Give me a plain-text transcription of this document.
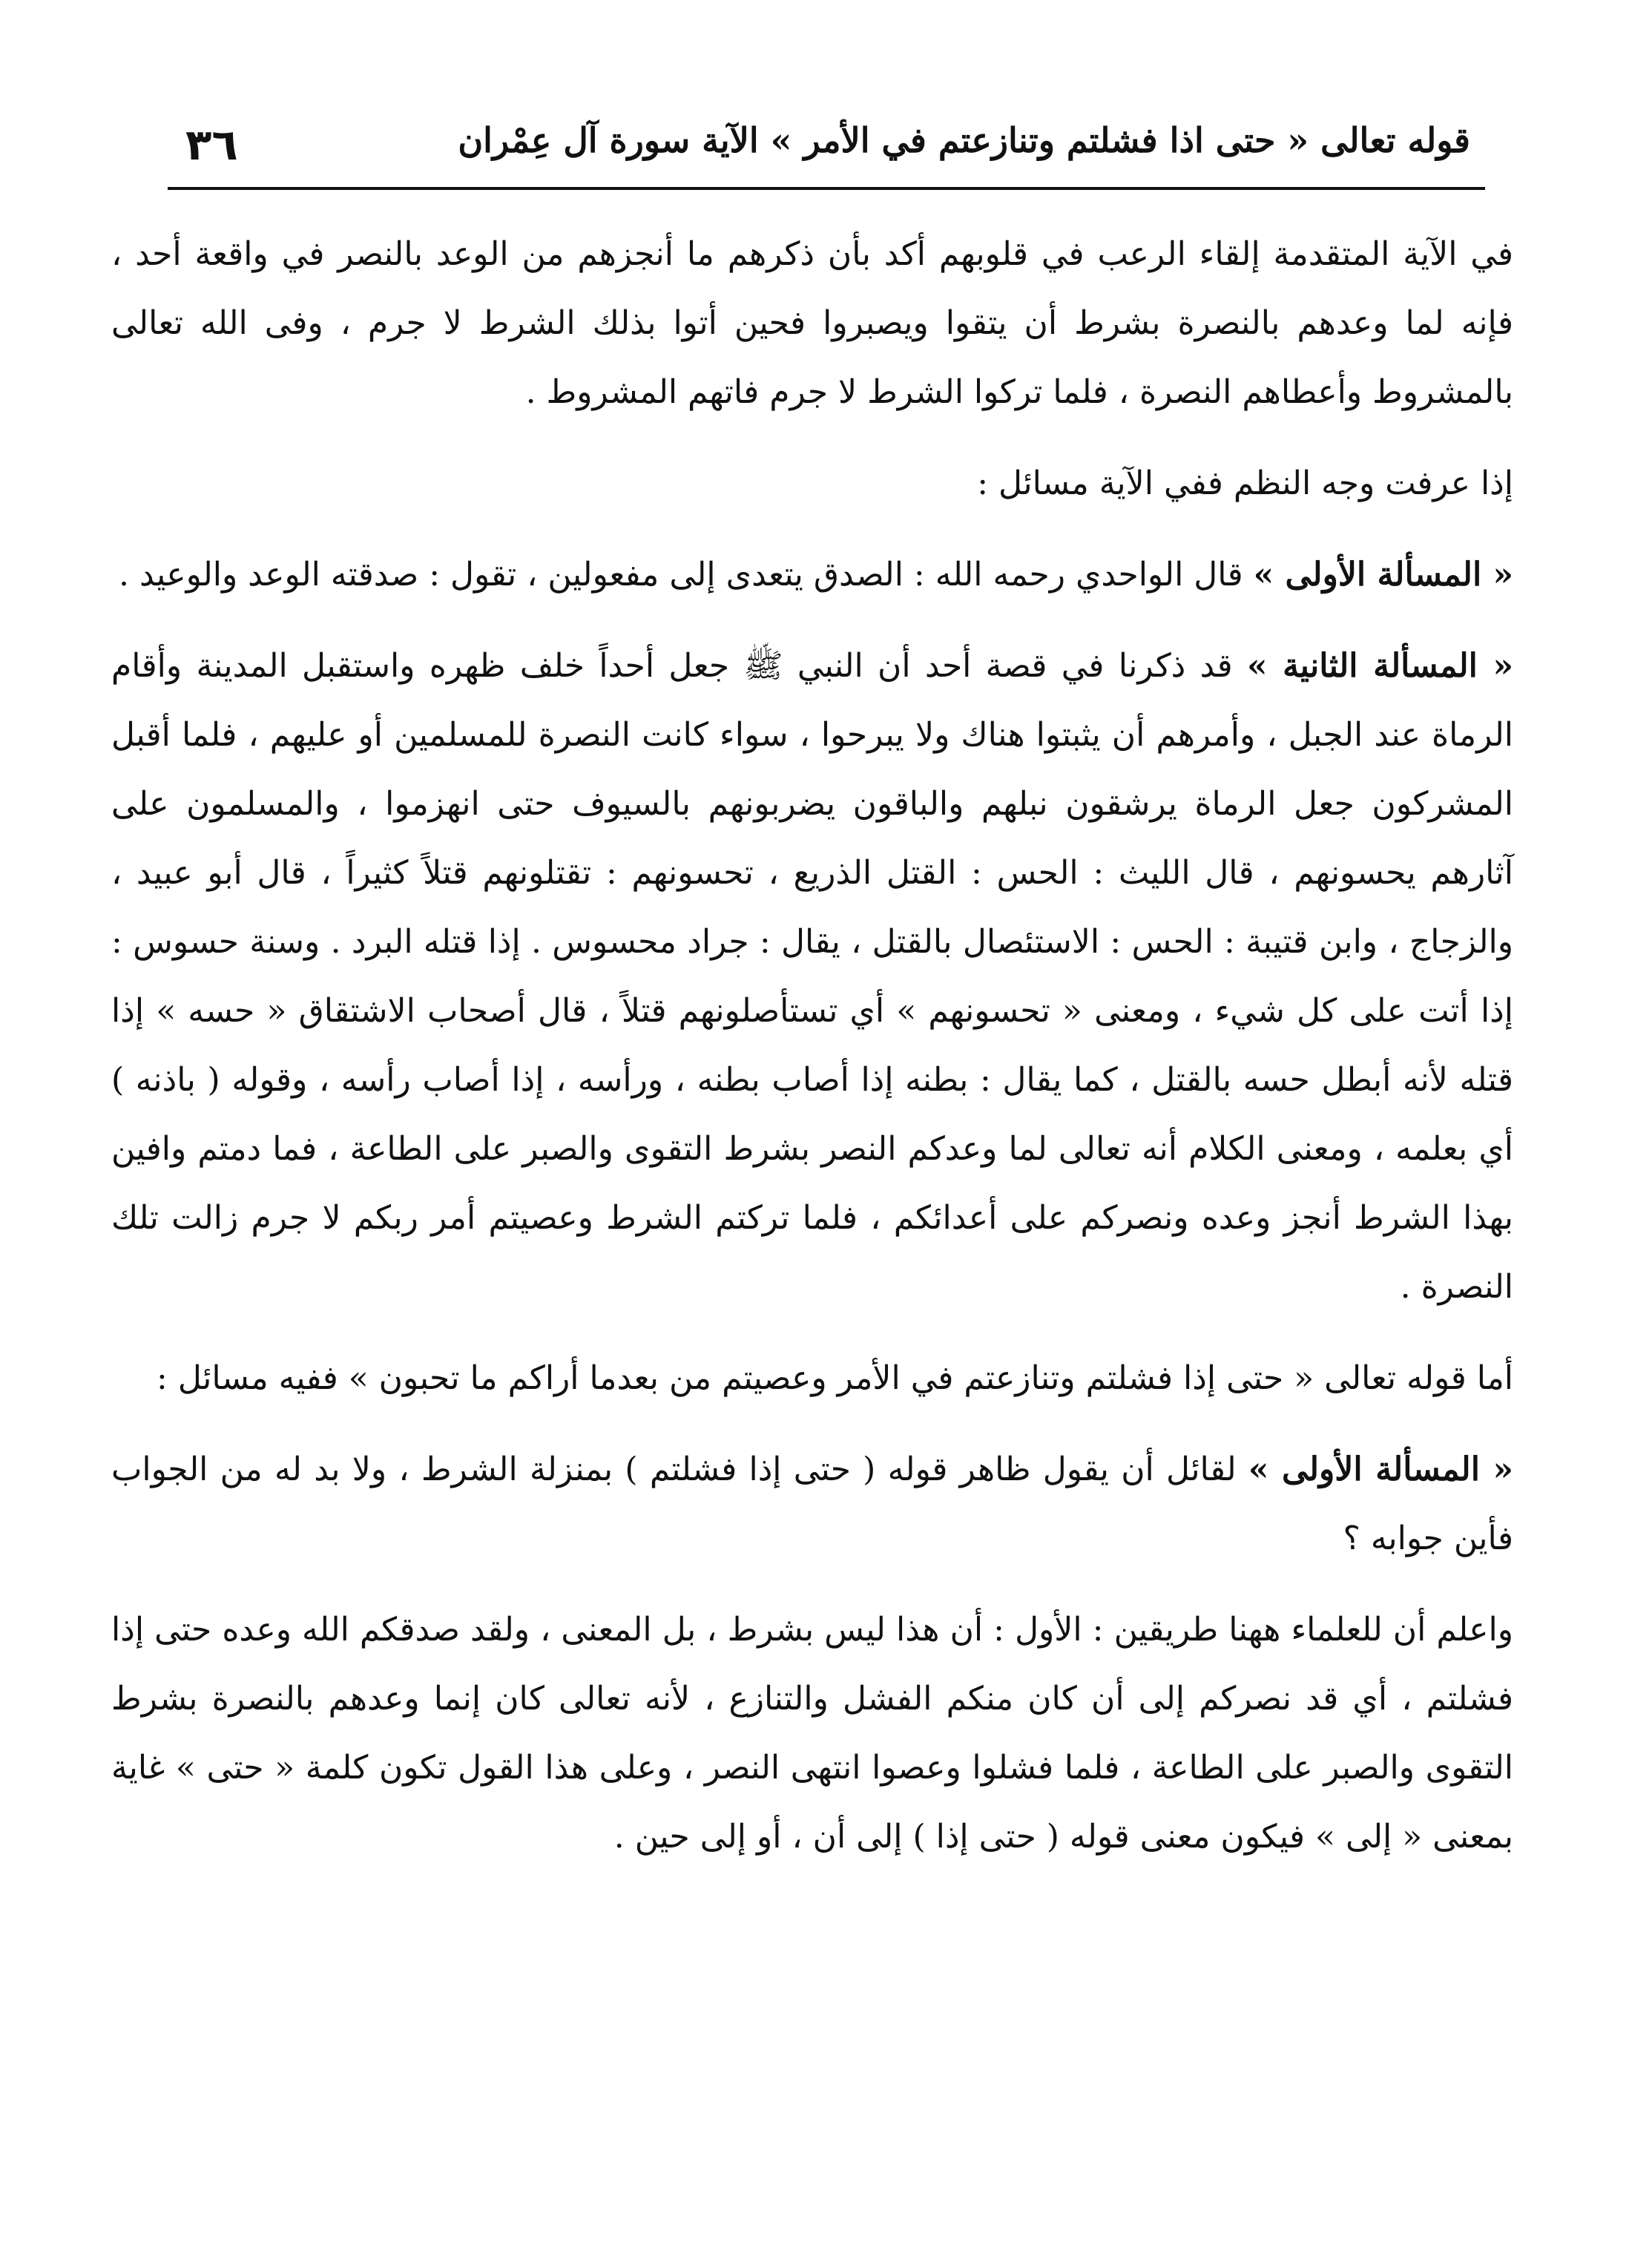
٣٦	قوله تعالى « حتى اذا فشلتم وتنازعتم في الأمر » الآية سورة آل عِمْران

في الآية المتقدمة إلقاء الرعب في قلوبهم أكد بأن ذكرهم ما أنجزهم من الوعد بالنصر في واقعة أحد ، فإنه لما وعدهم بالنصرة بشرط أن يتقوا ويصبروا فحين أتوا بذلك الشرط لا جرم ، وفى الله تعالى بالمشروط وأعطاهم النصرة ، فلما تركوا الشرط لا جرم فاتهم المشروط .

إذا عرفت وجه النظم ففي الآية مسائل :

« المسألة الأولى » قال الواحدي رحمه الله : الصدق يتعدى إلى مفعولين ، تقول : صدقته الوعد والوعيد .

« المسألة الثانية » قد ذكرنا في قصة أحد أن النبي ﷺ جعل أحداً خلف ظهره واستقبل المدينة وأقام الرماة عند الجبل ، وأمرهم أن يثبتوا هناك ولا يبرحوا ، سواء كانت النصرة للمسلمين أو عليهم ، فلما أقبل المشركون جعل الرماة يرشقون نبلهم والباقون يضربونهم بالسيوف حتى انهزموا ، والمسلمون على آثارهم يحسونهم ، قال الليث : الحس : القتل الذريع ، تحسونهم : تقتلونهم قتلاً كثيراً ، قال أبو عبيد ، والزجاج ، وابن قتيبة : الحس : الاستئصال بالقتل ، يقال : جراد محسوس . إذا قتله البرد . وسنة حسوس : إذا أتت على كل شيء ، ومعنى « تحسونهم » أي تستأصلونهم قتلاً ، قال أصحاب الاشتقاق « حسه » إذا قتله لأنه أبطل حسه بالقتل ، كما يقال : بطنه إذا أصاب بطنه ، ورأسه ، إذا أصاب رأسه ، وقوله ( باذنه ) أي بعلمه ، ومعنى الكلام أنه تعالى لما وعدكم النصر بشرط التقوى والصبر على الطاعة ، فما دمتم وافين بهذا الشرط أنجز وعده ونصركم على أعدائكم ، فلما تركتم الشرط وعصيتم أمر ربكم لا جرم زالت تلك النصرة .

أما قوله تعالى « حتى إذا فشلتم وتنازعتم في الأمر وعصيتم من بعدما أراكم ما تحبون » ففيه مسائل :

« المسألة الأولى » لقائل أن يقول ظاهر قوله ( حتى إذا فشلتم ) بمنزلة الشرط ، ولا بد له من الجواب فأين جوابه ؟

واعلم أن للعلماء ههنا طريقين : الأول : أن هذا ليس بشرط ، بل المعنى ، ولقد صدقكم الله وعده حتى إذا فشلتم ، أي قد نصركم إلى أن كان منكم الفشل والتنازع ، لأنه تعالى كان إنما وعدهم بالنصرة بشرط التقوى والصبر على الطاعة ، فلما فشلوا وعصوا انتهى النصر ، وعلى هذا القول تكون كلمة « حتى » غاية بمعنى « إلى » فيكون معنى قوله ( حتى إذا ) إلى أن ، أو إلى حين .
